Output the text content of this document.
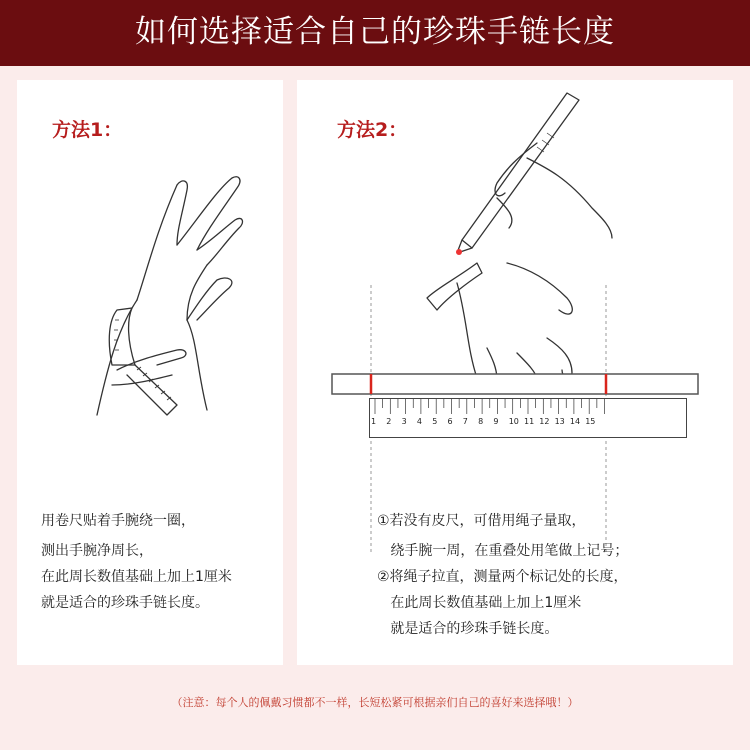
如何选择适合自己的珍珠手链长度
方法1：
用卷尺贴着手腕绕一圈，
测出手腕净周长，
在此周长数值基础上加上1厘米
就是适合的珍珠手链长度。
方法2：
1 2 3 4 5 6 7 8 9 10 11 12 13 14 15
①若没有皮尺，可借用绳子量取，
绕手腕一周，在重叠处用笔做上记号；
②将绳子拉直，测量两个标记处的长度，
在此周长数值基础上加上1厘米
就是适合的珍珠手链长度。
（注意：每个人的佩戴习惯都不一样，长短松紧可根据亲们自己的喜好来选择哦！）
